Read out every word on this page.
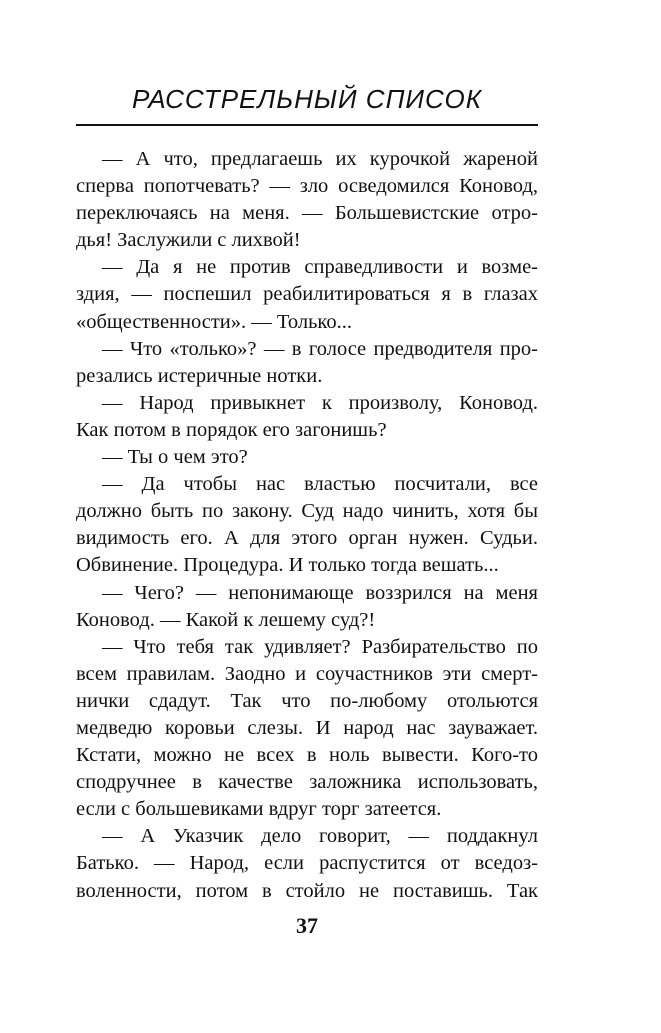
РАССТРЕЛЬНЫЙ СПИСОК
— А что, предлагаешь их курочкой жареной
сперва попотчевать? — зло осведомился Коновод,
переключаясь на меня. — Большевистские отро-
дья! Заслужили с лихвой!
— Да я не против справедливости и возме-
здия, — поспешил реабилитироваться я в глазах
«общественности». — Только...
— Что «только»? — в голосе предводителя про-
резались истеричные нотки.
— Народ привыкнет к произволу, Коновод.
Как потом в порядок его загонишь?
— Ты о чем это?
— Да чтобы нас властью посчитали, все
должно быть по закону. Суд надо чинить, хотя бы
видимость его. А для этого орган нужен. Судьи.
Обвинение. Процедура. И только тогда вешать...
— Чего? — непонимающе воззрился на меня
Коновод. — Какой к лешему суд?!
— Что тебя так удивляет? Разбирательство по
всем правилам. Заодно и соучастников эти смерт-
нички сдадут. Так что по-любому отольются
медведю коровьи слезы. И народ нас зауважает.
Кстати, можно не всех в ноль вывести. Кого-то
сподручнее в качестве заложника использовать,
если с большевиками вдруг торг затеется.
— А Указчик дело говорит, — поддакнул
Батько. — Народ, если распустится от вседоз-
воленности, потом в стойло не поставишь. Так
37
